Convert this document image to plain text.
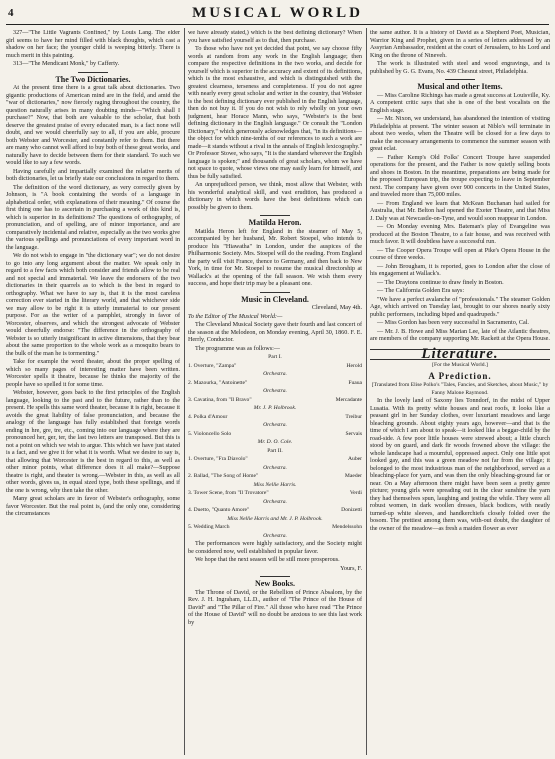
4	MUSICAL WORLD

327—"The Little Vagrants Confined," by Louis Lang. The elder girl seems to have her mind filled with black thoughts, which cast a shadow on her face; the younger child is weeping bitterly. There is much merit in this painting.

313—"The Mendicant Monk," by Cafferty.

The Two Dictionaries.

At the present time there is a great talk about dictionaries. Two gigantic productions of American mind are in the field, and amid the "war of dictionaries," now fiercely raging throughout the country, the question naturally arises in many doubting minds—"Which shall I purchase?" Now, that both are valuable to the scholar, that both deserve the greatest praise of every educated man, is a fact none will doubt, and we would cheerfully say to all, if you are able, procure both Webster and Worcester, and constantly refer to them. But there are many who cannot well afford to buy both of these great works, and naturally have to decide between them for their standard. To such we would like to say a few words.

Having carefully and impartially examined the relative merits of both dictionaries, let us briefly state our conclusions in regard to them.

The definition of the word dictionary, as very correctly given by Johnson, is "A book containing the words of a language in alphabetical order, with explanations of their meaning." Of course the first thing one has to ascertain in purchasing a work of this kind is, which is superior in its definitions? The questions of orthography, of pronunciation, and of spelling, are of minor importance, and are comparatively incidental and relative, especially as the two works give the various spellings and pronunciations of every important word in the language.

We do not wish to engage in "the dictionary war"; we do not desire to go into any long argument about the matter. We speak only in regard to a few facts which both consider and friends allow to be real and not special and immaterial. We leave the endorsers of the two dictionaries in their quarrels as to which is the best in regard to orthography. What we have to say is, that it is the most careless correction ever started in the literary world, and that whichever side we may allow to be right it is utterly immaterial to our present purpose. For as the writer of a pamphlet, strongly in favor of Worcester, observes, and which the strongest advocate of Webster would cheerfully endorse: "The difference in the orthography of Webster is so utterly insignificant in active dimensions, that they bear about the same proportion to the whole work as a mosquito bears to the bulk of the man he is tormenting."

Take for example the word theater, about the proper spelling of which so many pages of interesting matter have been written. Worcester spells it theatre, because he thinks the majority of the people have so spelled it for some time.

Webster, however, goes back to the first principles of the English language, looking to the past and to the future, rather than to the present. He spells this same word theater, because it is right, because it avoids the great liability of false pronunciation, and because the analogy of the language has fully established that foreign words ending in hre, gre, tre, etc., coming into our language where they are pronounced her, ger, ter, the last two letters are transposed. But this is not a point on which we wish to argue. This which we have just stated is a fact, and we give it for what it is worth. What we desire to say is, that allowing that Worcester is the best in regard to this, as well as other minor points, what difference does it all make?—Suppose theatre is right, and theater is wrong.—Webster in this, as well as all other words, gives us, in equal sized type, both these spellings, and if the one is wrong, why then take the other.

Many great scholars are in favor of Webster's orthography, some favor Worcester. But the real point is, (and the only one, considering the circumstances

we have already stated,) which is the best defining dictionary? When you have satisfied yourself as to that, then purchase.

To those who have not yet decided that point, we say choose fifty words at random from any work in the English language; then compare the respective definitions in the two works, and decide for yourself which is superior in the accuracy and extent of its definitions, which is the most exhaustive, and which is distinguished with the greatest clearness, terseness and completeness. If you do not agree with nearly every great scholar and writer in the country, that Webster is the best defining dictionary ever published in the English language, then do not buy it. If you do not wish to rely wholly on your own judgment, hear Horace Mann, who says, "Webster's is the best defining dictionary in the English language." Or consult the "London Dictionary," which generously acknowledges that, "in its definitions—the object for which nine-tenths of our references to such a work are made—it stands without a rival in the annals of English lexicography." Or Professor Stowe, who says, "It is the standard wherever the English language is spoken;" and thousands of great scholars, whom we have not space to quote, whose views one may easily learn for himself, and thus be fully satisfied.

An unprejudiced person, we think, most allow that Webster, with his wonderful analytical skill, and vast erudition, has produced a dictionary in which words have the best definitions which can possibly be given to them.

Matilda Heron.

Matilda Heron left for England in the steamer of May 5, accompanied by her husband, Mr. Robert Stoepel, who intends to produce his "Hiawatha" in London, under the auspices of the Philharmonic Society. Mrs. Stoepel will do the reading. From England the party will visit France, thence to Germany, and then back to New York, in time for Mr. Stoepel to resume the musical directorship at Wallack's at the opening of the fall season. We wish them every success, and hope their trip may be a pleasant one.

Music in Cleveland.

Cleveland, May 4th.

To the Editor of The Musical World:—

The Cleveland Musical Society gave their fourth and last concert of the season at the Melodeon, on Monday evening, April 30, 1860. F. E. Herrly, Conductor.

The programme was as follows:—

Part I.

1. Overture, "Zampa"	Herold

Orchestra.

2. Mazourka, "Antoinette"	Fuaua

Orchestra.

3. Cavatina, from "Il Bravo"	Mercadante

Mr. J. P. Holbrook.

4. Polka d'Amour	Treibur

Orchestra.

5. Violoncello Solo	Servais

Mr. D. O. Cole.

Part II.

1. Overture, "Fra Diavolo"	Auber

Orchestra.

2. Ballad, "The Song of Home"	Maeder

Miss Nellie Harris.

3. Tower Scene, from "Il Trovatore"	Verdi

Orchestra.

4. Duetto, "Quanto Amore"	Donizetti

Miss Nellie Harris and Mr. J. P. Holbrook.

5. Wedding March	Mendelssohn

Orchestra.

The performances were highly satisfactory, and the Society might be considered now, well established in popular favor.

We hope that the next season will be still more prosperous.

Yours, F.

New Books.

The Throne of David, or the Rebellion of Prince Absalom, by the Rev. J. H. Ingraham, LL.D., author of "The Prince of the House of David" and "The Pillar of Fire." All those who have read "The Prince of the House of David" will no doubt be anxious to see this last work by

the same author. It is a history of David as a Shepherd Poet, Musician, Warrior King and Prophet, given in a series of letters addressed by an Assyrian Ambassador, resident at the court of Jerusalem, to his Lord and King on the throne of Nineveh.

The work is illustrated with steel and wood engravings, and is published by G. G. Evans, No. 439 Chesnut street, Philadelphia.

Musical and other Items.

— Miss Caroline Richings has made a great success at Louisville, Ky. A competent critic says that she is one of the best vocalists on the English stage.

— Mr. Nixon, we understand, has abandoned the intention of visiting Philadelphia at present. The winter season at Niblo's will terminate in about two weeks, when the Theatre will be closed for a few days to make the necessary arrangements to commence the summer season with great eclat.

— Father Kemp's Old Folks' Concert Troupe have suspended operations for the present, and the Father is now quietly selling boots and shoes in Boston. In the meantime, preparations are being made for the proposed European trip, the troupe expecting to leave in September next. The company have given over 900 concerts in the United States, and traveled more than 75,000 miles.

— From England we learn that McKean Buchanan had sailed for Australia, that Mr. Belton had opened the Exeter Theatre, and that Miss J. Daly was at Newcastle-on-Tyne, and would soon reappear in London.

— On Monday evening Mrs. Bateman's play of Evangeline was produced at the Boston Theatre, to a fair house, and was received with much favor. It will doubtless have a successful run.

— The Cooper Opera Troupe will open at Pike's Opera House in the course of three weeks.

— John Brougham, it is reported, goes to London after the close of his engagement at Wallack's.

— The Draytons continue to draw finely in Boston.

— The California Golden Era says:

"We have a perfect avalanche of "professionals." The steamer Golden Age, which arrived on Tuesday last, brought to our shores nearly sixty public performers, including biped and quadrupeds."

— Miss Gordon has been very successful in Sacramento, Cal.

— Mr. J. B. Howe and Miss Marian Lee, late of the Atlantic theatres, are members of the company supporting Mr. Rackett at the Opera House.

Literature.

[For the Musical World.]

A Prediction.

[Translated from Elise Polko's "Tales, Fancies, and Sketches, about Music," by Fanny Malone Raymond.

In the lovely land of Saxony lies Tonndorf, in the midst of Upper Lusatia. With its pretty white houses and neat roofs, it looks like a peasant girl in her Sunday clothes, over luxuriant meadows and large bleaching grounds. About eighty years ago, however—and that is the time of which I am about to speak—it looked like a beggar-child by the road-side. A few poor little houses were strewed about; a little church stood by on guard, and dark fir woods frowned above the village: the whole landscape had a mournful, oppressed aspect. Only one little spot looked gay, and this was a green meadow not far from the village; it belonged to the most industrious man of the neighborhood, served as a bleaching-place for yarn, and was then the only bleaching-ground far or near. On a May afternoon there might have been seen a pretty genre picture; young girls were spreading out in the clear sunshine the yarn they had themselves spun, laughing and jesting the while. They were all robust women, in dark woollen dresses, black bodices, with neatly turned-up white sleeves, and handkerchiefs closely folded over the bosom. The prettiest among them was, with-out doubt, the daughter of the owner of the meadow—as fresh a maiden flower as ever
